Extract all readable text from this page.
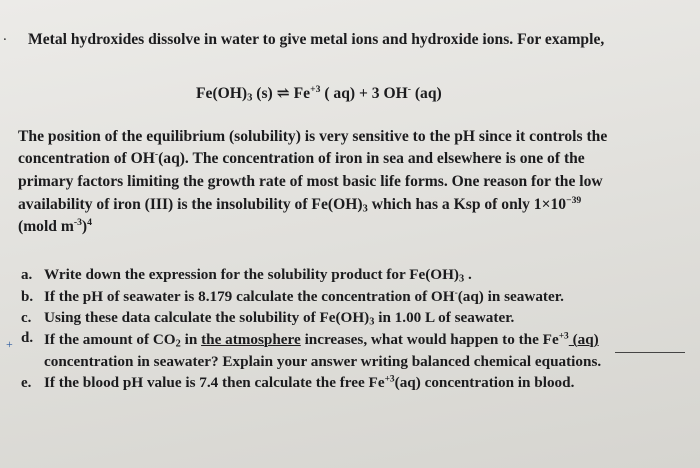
. Metal hydroxides dissolve in water to give metal ions and hydroxide ions. For example,
$Fe(OH)_3$ (s) ⇌ $Fe^{+3}$ ( aq) + 3 OH- (aq)
The position of the equilibrium (solubility) is very sensitive to the pH since it controls the
concentration of OH-(aq). The concentration of iron in sea and elsewhere is one of the
primary factors limiting the growth rate of most basic life forms. One reason for the low
availability of iron (III) is the insolubility of $Fe(OH)_3$ which has a Ksp of only $1\times 10^{-39}$
(mold $m^{-3})^4$
a. Write down the expression for the solubility product for $Fe(OH)_3$ .
b. If the pH of seawater is 8.179 calculate the concentration of OH-(aq) in seawater.
c. Using these data calculate the solubility of $Fe(OH)_3$ in 1.00 L of seawater.
+ d. If the amount of $CO_2$ in the atmosphere increases, what would happen to the $Fe^{+3}$ (aq)
concentration in seawater? Explain your answer writing balanced chemical equations.
e. If the blood pH value is 7.4 then calculate the free $Fe^{+3}(aq)$ concentration in blood.
